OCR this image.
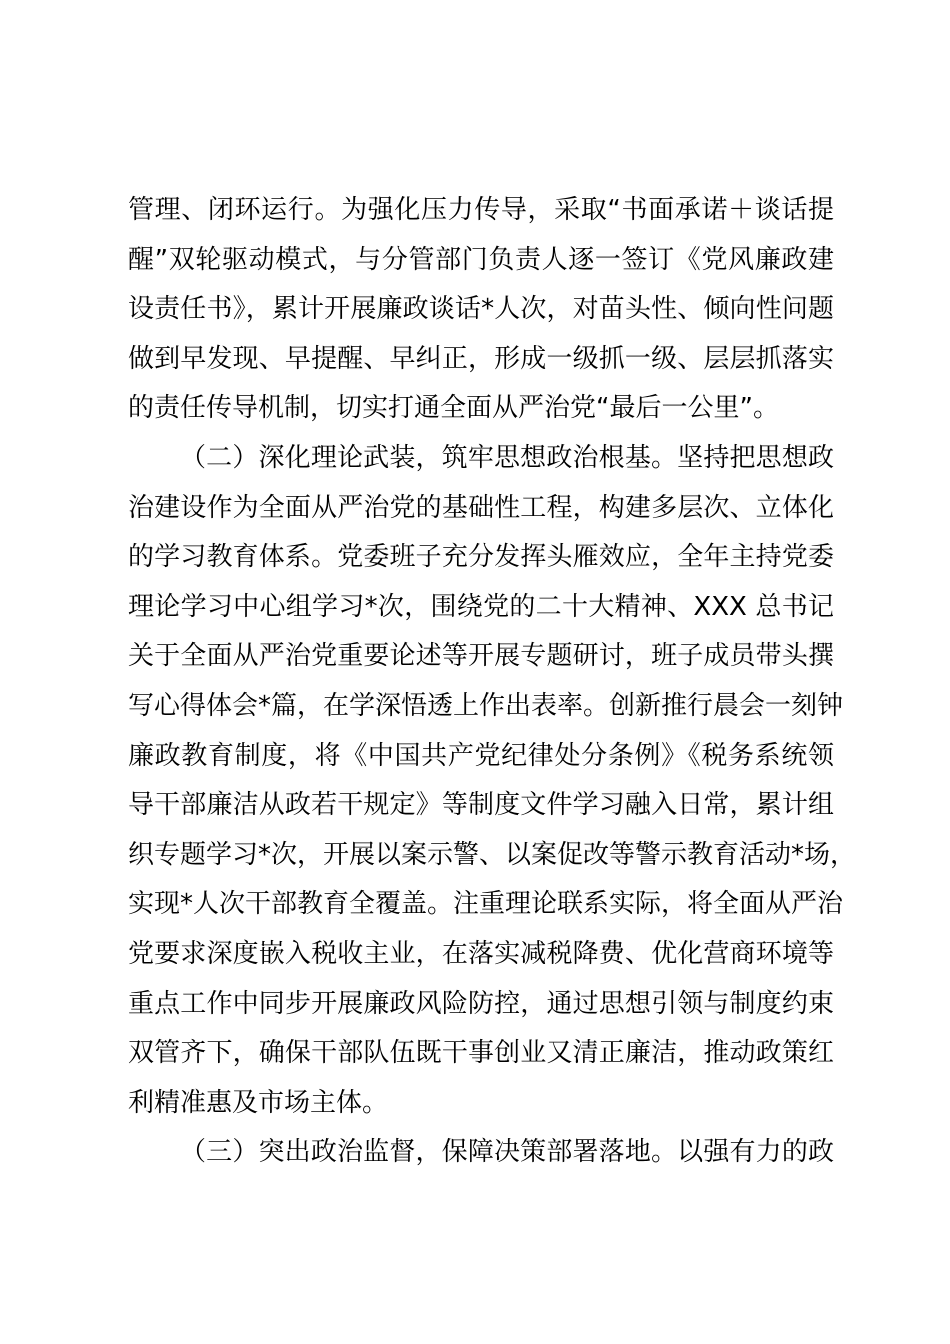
管理、闭环运行。为强化压力传导，采取“书面承诺＋谈话提
醒”双轮驱动模式，与分管部门负责人逐一签订《党风廉政建
设责任书》，累计开展廉政谈话*人次，对苗头性、倾向性问题
做到早发现、早提醒、早纠正，形成一级抓一级、层层抓落实
的责任传导机制，切实打通全面从严治党“最后一公里”。
（二）深化理论武装，筑牢思想政治根基。坚持把思想政
治建设作为全面从严治党的基础性工程，构建多层次、立体化
的学习教育体系。党委班子充分发挥头雁效应，全年主持党委
理论学习中心组学习*次，围绕党的二十大精神、XXX 总书记
关于全面从严治党重要论述等开展专题研讨，班子成员带头撰
写心得体会*篇，在学深悟透上作出表率。创新推行晨会一刻钟
廉政教育制度，将《中国共产党纪律处分条例》《税务系统领
导干部廉洁从政若干规定》等制度文件学习融入日常，累计组
织专题学习*次，开展以案示警、以案促改等警示教育活动*场，
实现*人次干部教育全覆盖。注重理论联系实际，将全面从严治
党要求深度嵌入税收主业，在落实减税降费、优化营商环境等
重点工作中同步开展廉政风险防控，通过思想引领与制度约束
双管齐下，确保干部队伍既干事创业又清正廉洁，推动政策红
利精准惠及市场主体。
（三）突出政治监督，保障决策部署落地。以强有力的政
